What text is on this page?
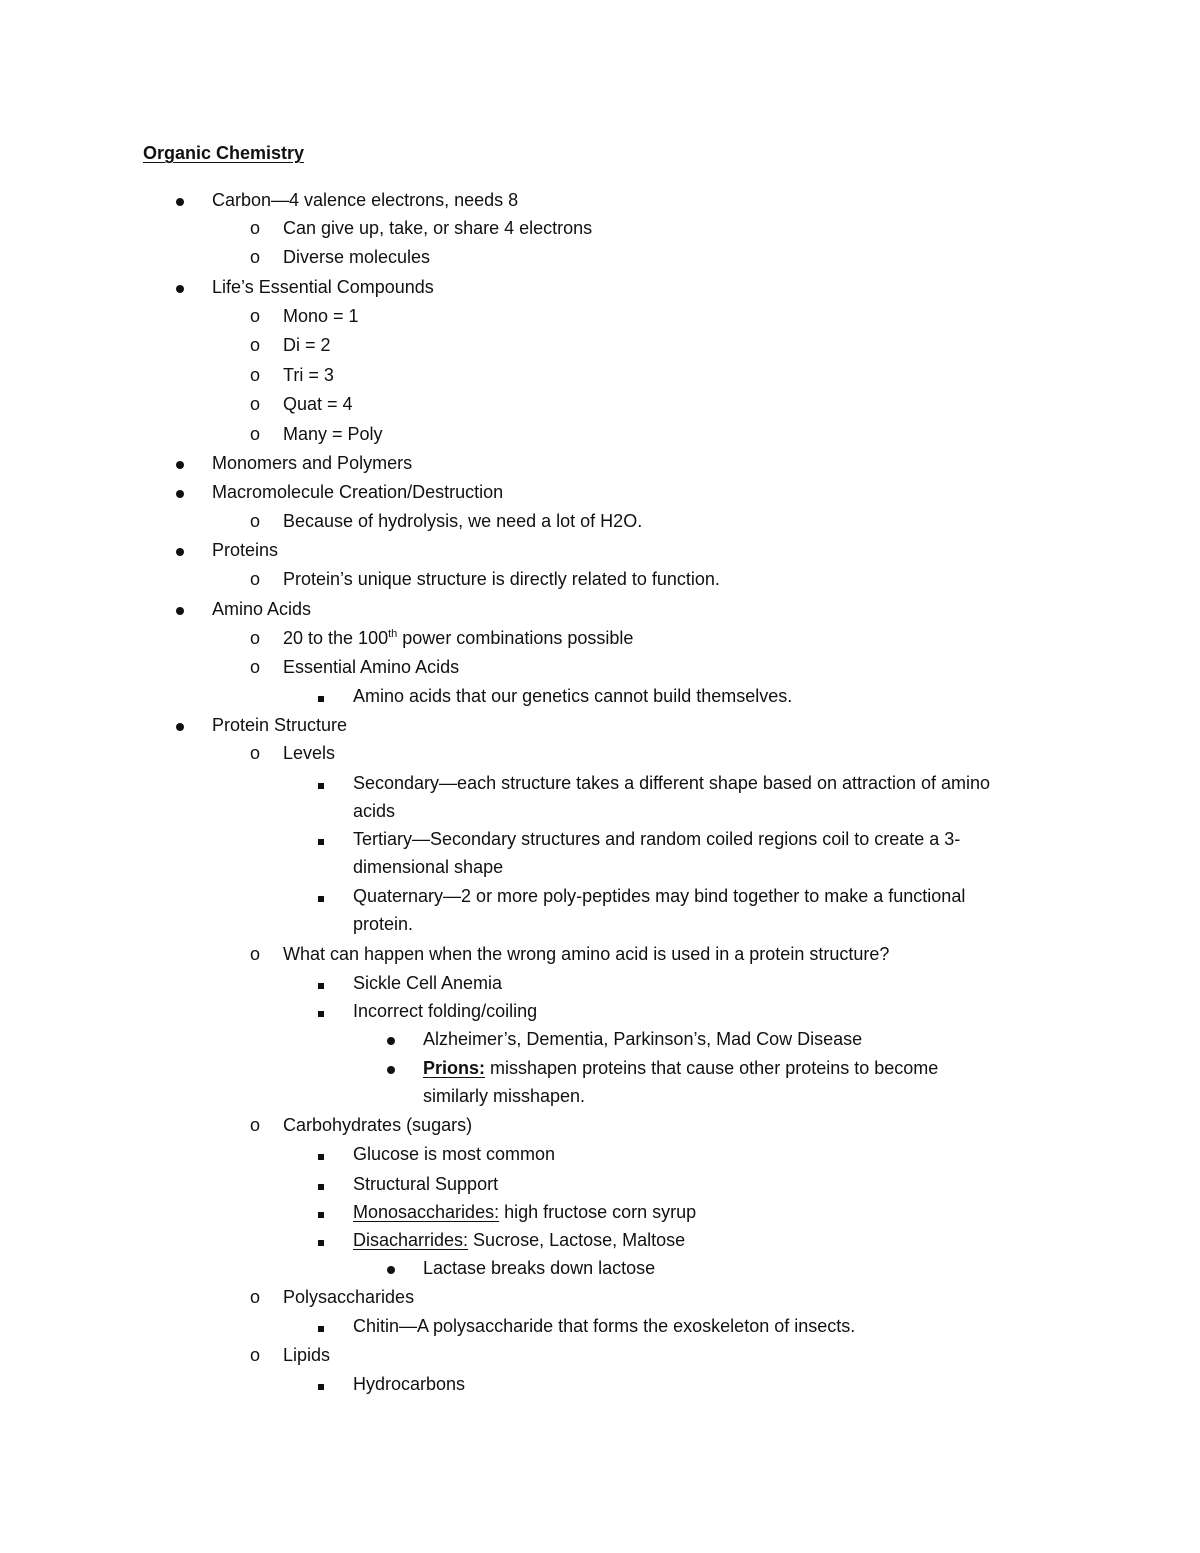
Organic Chemistry
Carbon—4 valence electrons, needs 8
o Can give up, take, or share 4 electrons
o Diverse molecules
Life’s Essential Compounds
o Mono = 1
o Di = 2
o Tri = 3
o Quat = 4
o Many = Poly
Monomers and Polymers
Macromolecule Creation/Destruction
o Because of hydrolysis, we need a lot of H2O.
Proteins
o Protein’s unique structure is directly related to function.
Amino Acids
o 20 to the 100th power combinations possible
o Essential Amino Acids
Amino acids that our genetics cannot build themselves.
Protein Structure
o Levels
Secondary—each structure takes a different shape based on attraction of amino
acids
Tertiary—Secondary structures and random coiled regions coil to create a 3-
dimensional shape
Quaternary—2 or more poly-peptides may bind together to make a functional
protein.
o What can happen when the wrong amino acid is used in a protein structure?
Sickle Cell Anemia
Incorrect folding/coiling
Alzheimer’s, Dementia, Parkinson’s, Mad Cow Disease
Prions: misshapen proteins that cause other proteins to become
similarly misshapen.
o Carbohydrates (sugars)
Glucose is most common
Structural Support
Monosaccharides: high fructose corn syrup
Disacharrides: Sucrose, Lactose, Maltose
Lactase breaks down lactose
o Polysaccharides
Chitin—A polysaccharide that forms the exoskeleton of insects.
o Lipids
Hydrocarbons
